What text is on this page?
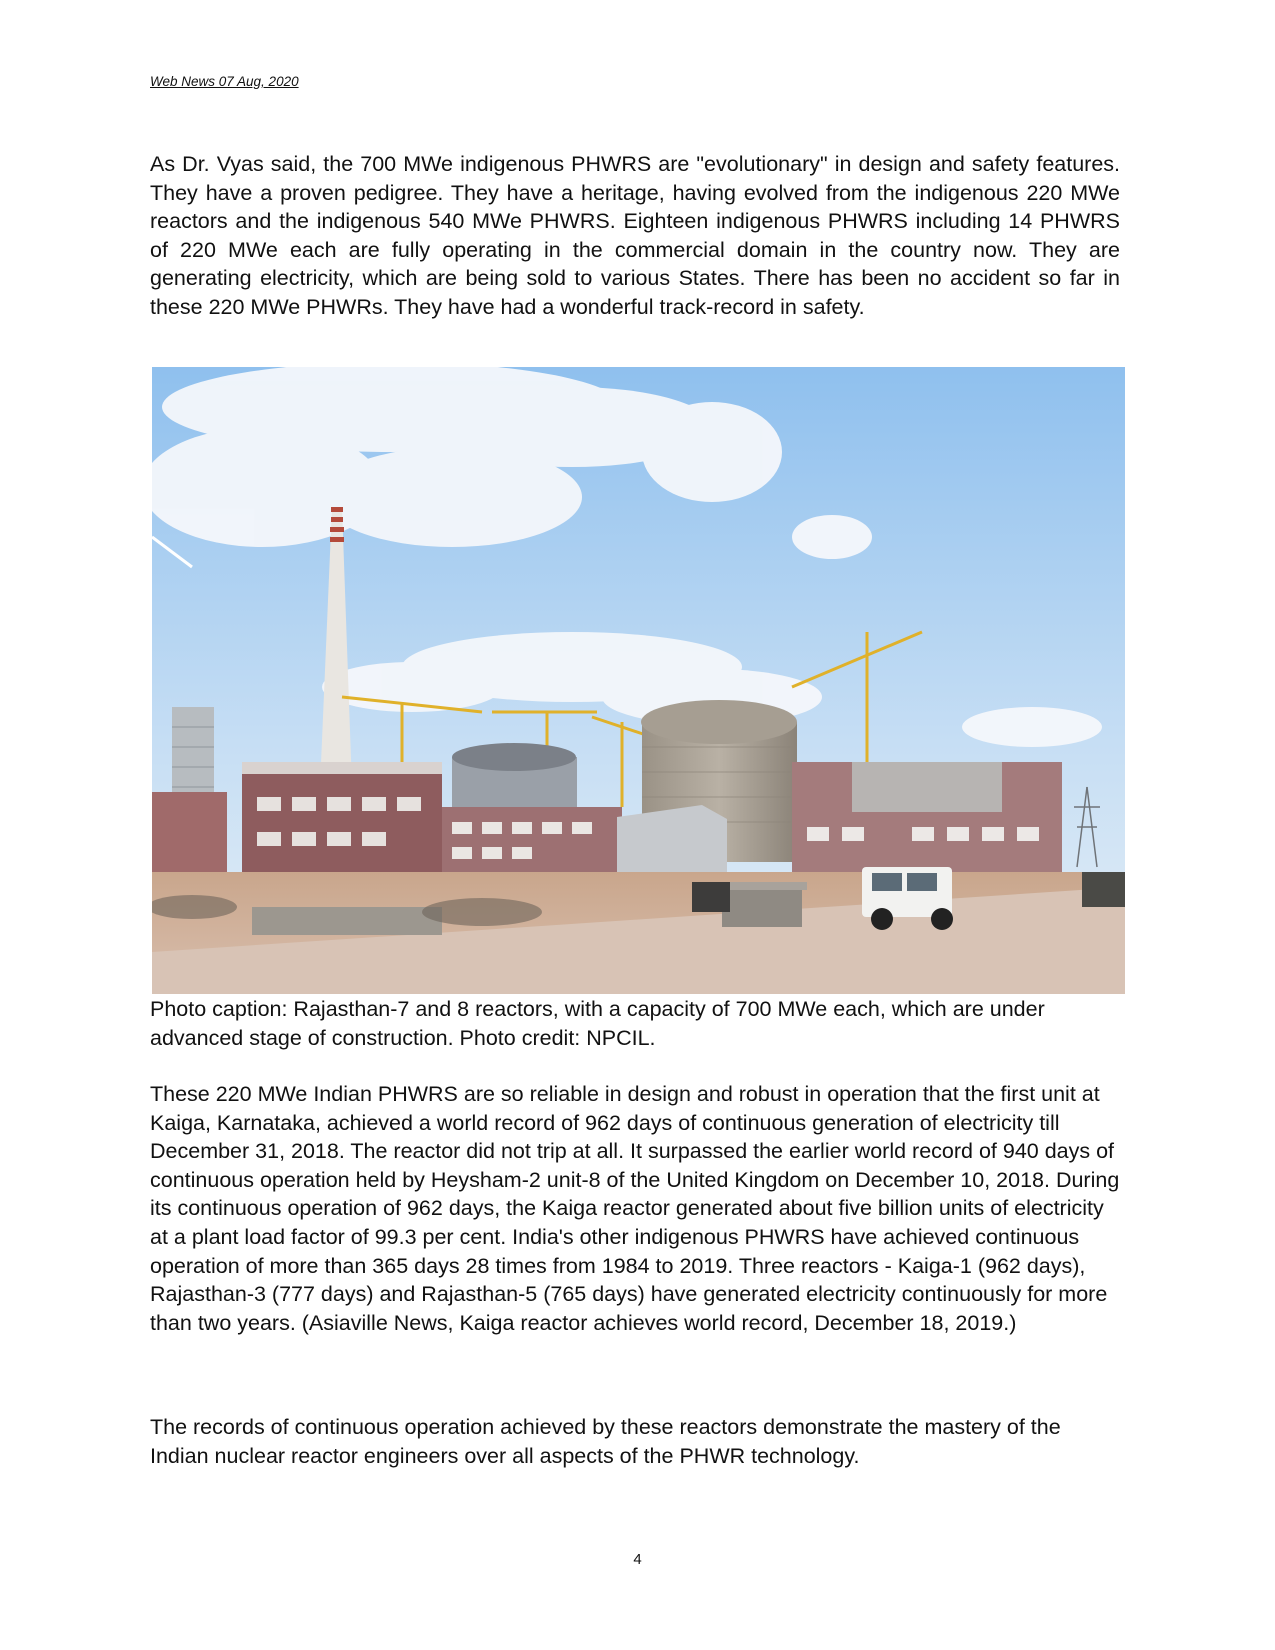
Web News 07 Aug, 2020

As Dr. Vyas said, the 700 MWe indigenous PHWRS are "evolutionary" in design and safety features. They have a proven pedigree. They have a heritage, having evolved from the indigenous 220 MWe reactors and the indigenous 540 MWe PHWRS. Eighteen indigenous PHWRS including 14 PHWRS of 220 MWe each are fully operating in the commercial domain in the country now. They are generating electricity, which are being sold to various States. There has been no accident so far in these 220 MWe PHWRs. They have had a wonderful track-record in safety.

Photo caption: Rajasthan-7 and 8 reactors, with a capacity of 700 MWe each, which are under advanced stage of construction. Photo credit: NPCIL.

These 220 MWe Indian PHWRS are so reliable in design and robust in operation that the first unit at Kaiga, Karnataka, achieved a world record of 962 days of continuous generation of electricity till December 31, 2018. The reactor did not trip at all. It surpassed the earlier world record of 940 days of continuous operation held by Heysham-2 unit-8 of the United Kingdom on December 10, 2018. During its continuous operation of 962 days, the Kaiga reactor generated about five billion units of electricity at a plant load factor of 99.3 per cent. India's other indigenous PHWRS have achieved continuous operation of more than 365 days 28 times from 1984 to 2019. Three reactors - Kaiga-1 (962 days), Rajasthan-3 (777 days) and Rajasthan-5 (765 days) have generated electricity continuously for more than two years. (Asiaville News, Kaiga reactor achieves world record, December 18, 2019.)

The records of continuous operation achieved by these reactors demonstrate the mastery of the Indian nuclear reactor engineers over all aspects of the PHWR technology.

4
